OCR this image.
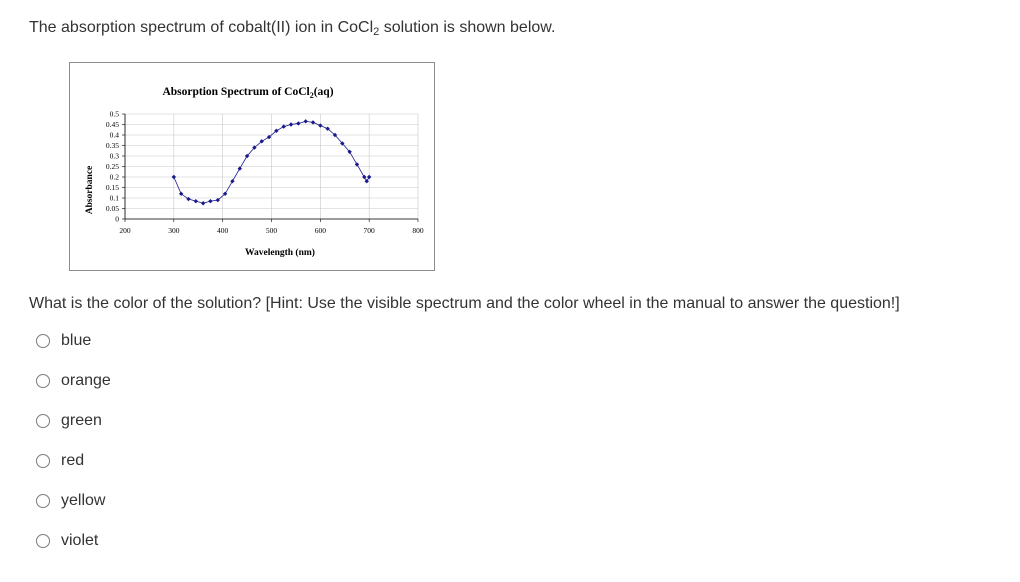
The absorption spectrum of cobalt(II) ion in CoCl$_2$ solution is shown below.
Absorption Spectrum of CoCl$_2$(aq)
200	300	400	500	600	700	800
0
0.05
0.1
0.15
0.2
0.25
0.3
0.35
0.4
0.45
0.5
Wavelength (nm)
Absorbance
What is the color of the solution? [Hint: Use the visible spectrum and the color wheel in the manual to answer the question!]
blue
orange
green
red
yellow
violet
